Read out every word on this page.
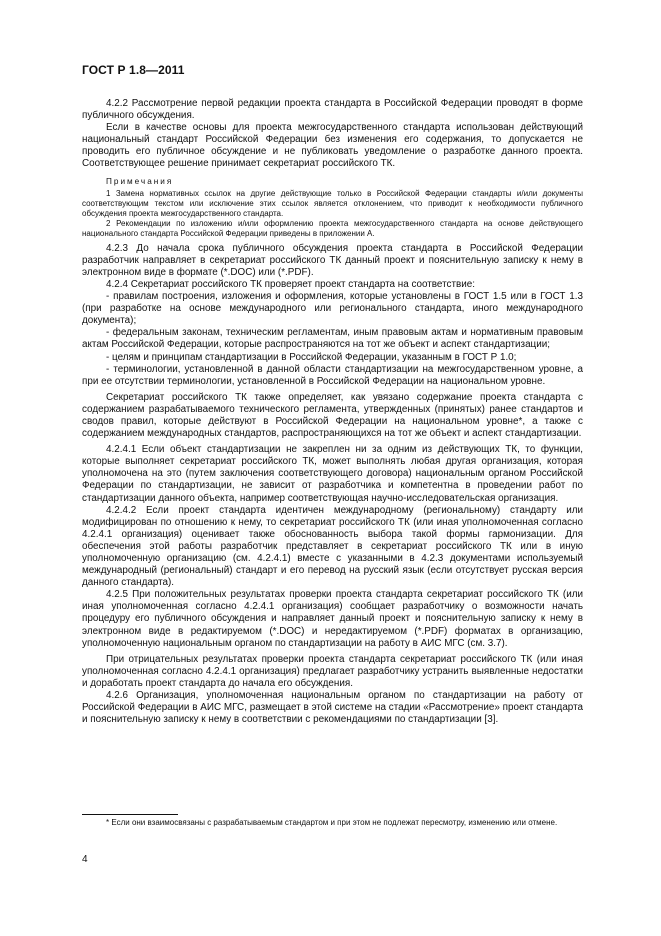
ГОСТ Р 1.8—2011

4.2.2 Рассмотрение первой редакции проекта стандарта в Российской Федерации проводят в форме публичного обсуждения.

Если в качестве основы для проекта межгосударственного стандарта использован действующий национальный стандарт Российской Федерации без изменения его содержания, то допускается не проводить его публичное обсуждение и не публиковать уведомление о разработке данного проекта. Соответствующее решение принимает секретариат российского ТК.

Примечания

1 Замена нормативных ссылок на другие действующие только в Российской Федерации стандарты и/или документы соответствующим текстом или исключение этих ссылок является отклонением, что приводит к необходимости публичного обсуждения проекта межгосударственного стандарта.

2 Рекомендации по изложению и/или оформлению проекта межгосударственного стандарта на основе действующего национального стандарта Российской Федерации приведены в приложении А.

4.2.3 До начала срока публичного обсуждения проекта стандарта в Российской Федерации разработчик направляет в секретариат российского ТК данный проект и пояснительную записку к нему в электронном виде в формате (*.DOC) или (*.PDF).

4.2.4 Секретариат российского ТК проверяет проект стандарта на соответствие:

- правилам построения, изложения и оформления, которые установлены в ГОСТ 1.5 или в ГОСТ 1.3 (при разработке на основе международного или регионального стандарта, иного международного документа);

- федеральным законам, техническим регламентам, иным правовым актам и нормативным правовым актам Российской Федерации, которые распространяются на тот же объект и аспект стандартизации;

- целям и принципам стандартизации в Российской Федерации, указанным в ГОСТ Р 1.0;

- терминологии, установленной в данной области стандартизации на межгосударственном уровне, а при ее отсутствии терминологии, установленной в Российской Федерации на национальном уровне.

Секретариат российского ТК также определяет, как увязано содержание проекта стандарта с содержанием разрабатываемого технического регламента, утвержденных (принятых) ранее стандартов и сводов правил, которые действуют в Российской Федерации на национальном уровне*, а также с содержанием международных стандартов, распространяющихся на тот же объект и аспект стандартизации.

4.2.4.1 Если объект стандартизации не закреплен ни за одним из действующих ТК, то функции, которые выполняет секретариат российского ТК, может выполнять любая другая организация, которая уполномочена на это (путем заключения соответствующего договора) национальным органом Российской Федерации по стандартизации, не зависит от разработчика и компетентна в проведении работ по стандартизации данного объекта, например соответствующая научно-исследовательская организация.

4.2.4.2 Если проект стандарта идентичен международному (региональному) стандарту или модифицирован по отношению к нему, то секретариат российского ТК (или иная уполномоченная согласно 4.2.4.1 организация) оценивает также обоснованность выбора такой формы гармонизации. Для обеспечения этой работы разработчик представляет в секретариат российского ТК или в иную уполномоченную организацию (см. 4.2.4.1) вместе с указанными в 4.2.3 документами используемый международный (региональный) стандарт и его перевод на русский язык (если отсутствует русская версия данного стандарта).

4.2.5 При положительных результатах проверки проекта стандарта секретариат российского ТК (или иная уполномоченная согласно 4.2.4.1 организация) сообщает разработчику о возможности начать процедуру его публичного обсуждения и направляет данный проект и пояснительную записку к нему в электронном виде в редактируемом (*.DOC) и нередактируемом (*.PDF) форматах в организацию, уполномоченную национальным органом по стандартизации на работу в АИС МГС (см. 3.7).

При отрицательных результатах проверки проекта стандарта секретариат российского ТК (или иная уполномоченная согласно 4.2.4.1 организация) предлагает разработчику устранить выявленные недостатки и доработать проект стандарта до начала его обсуждения.

4.2.6 Организация, уполномоченная национальным органом по стандартизации на работу от Российской Федерации в АИС МГС, размещает в этой системе на стадии «Рассмотрение» проект стандарта и пояснительную записку к нему в соответствии с рекомендациями по стандартизации [3].

* Если они взаимосвязаны с разрабатываемым стандартом и при этом не подлежат пересмотру, изменению или отмене.
4
